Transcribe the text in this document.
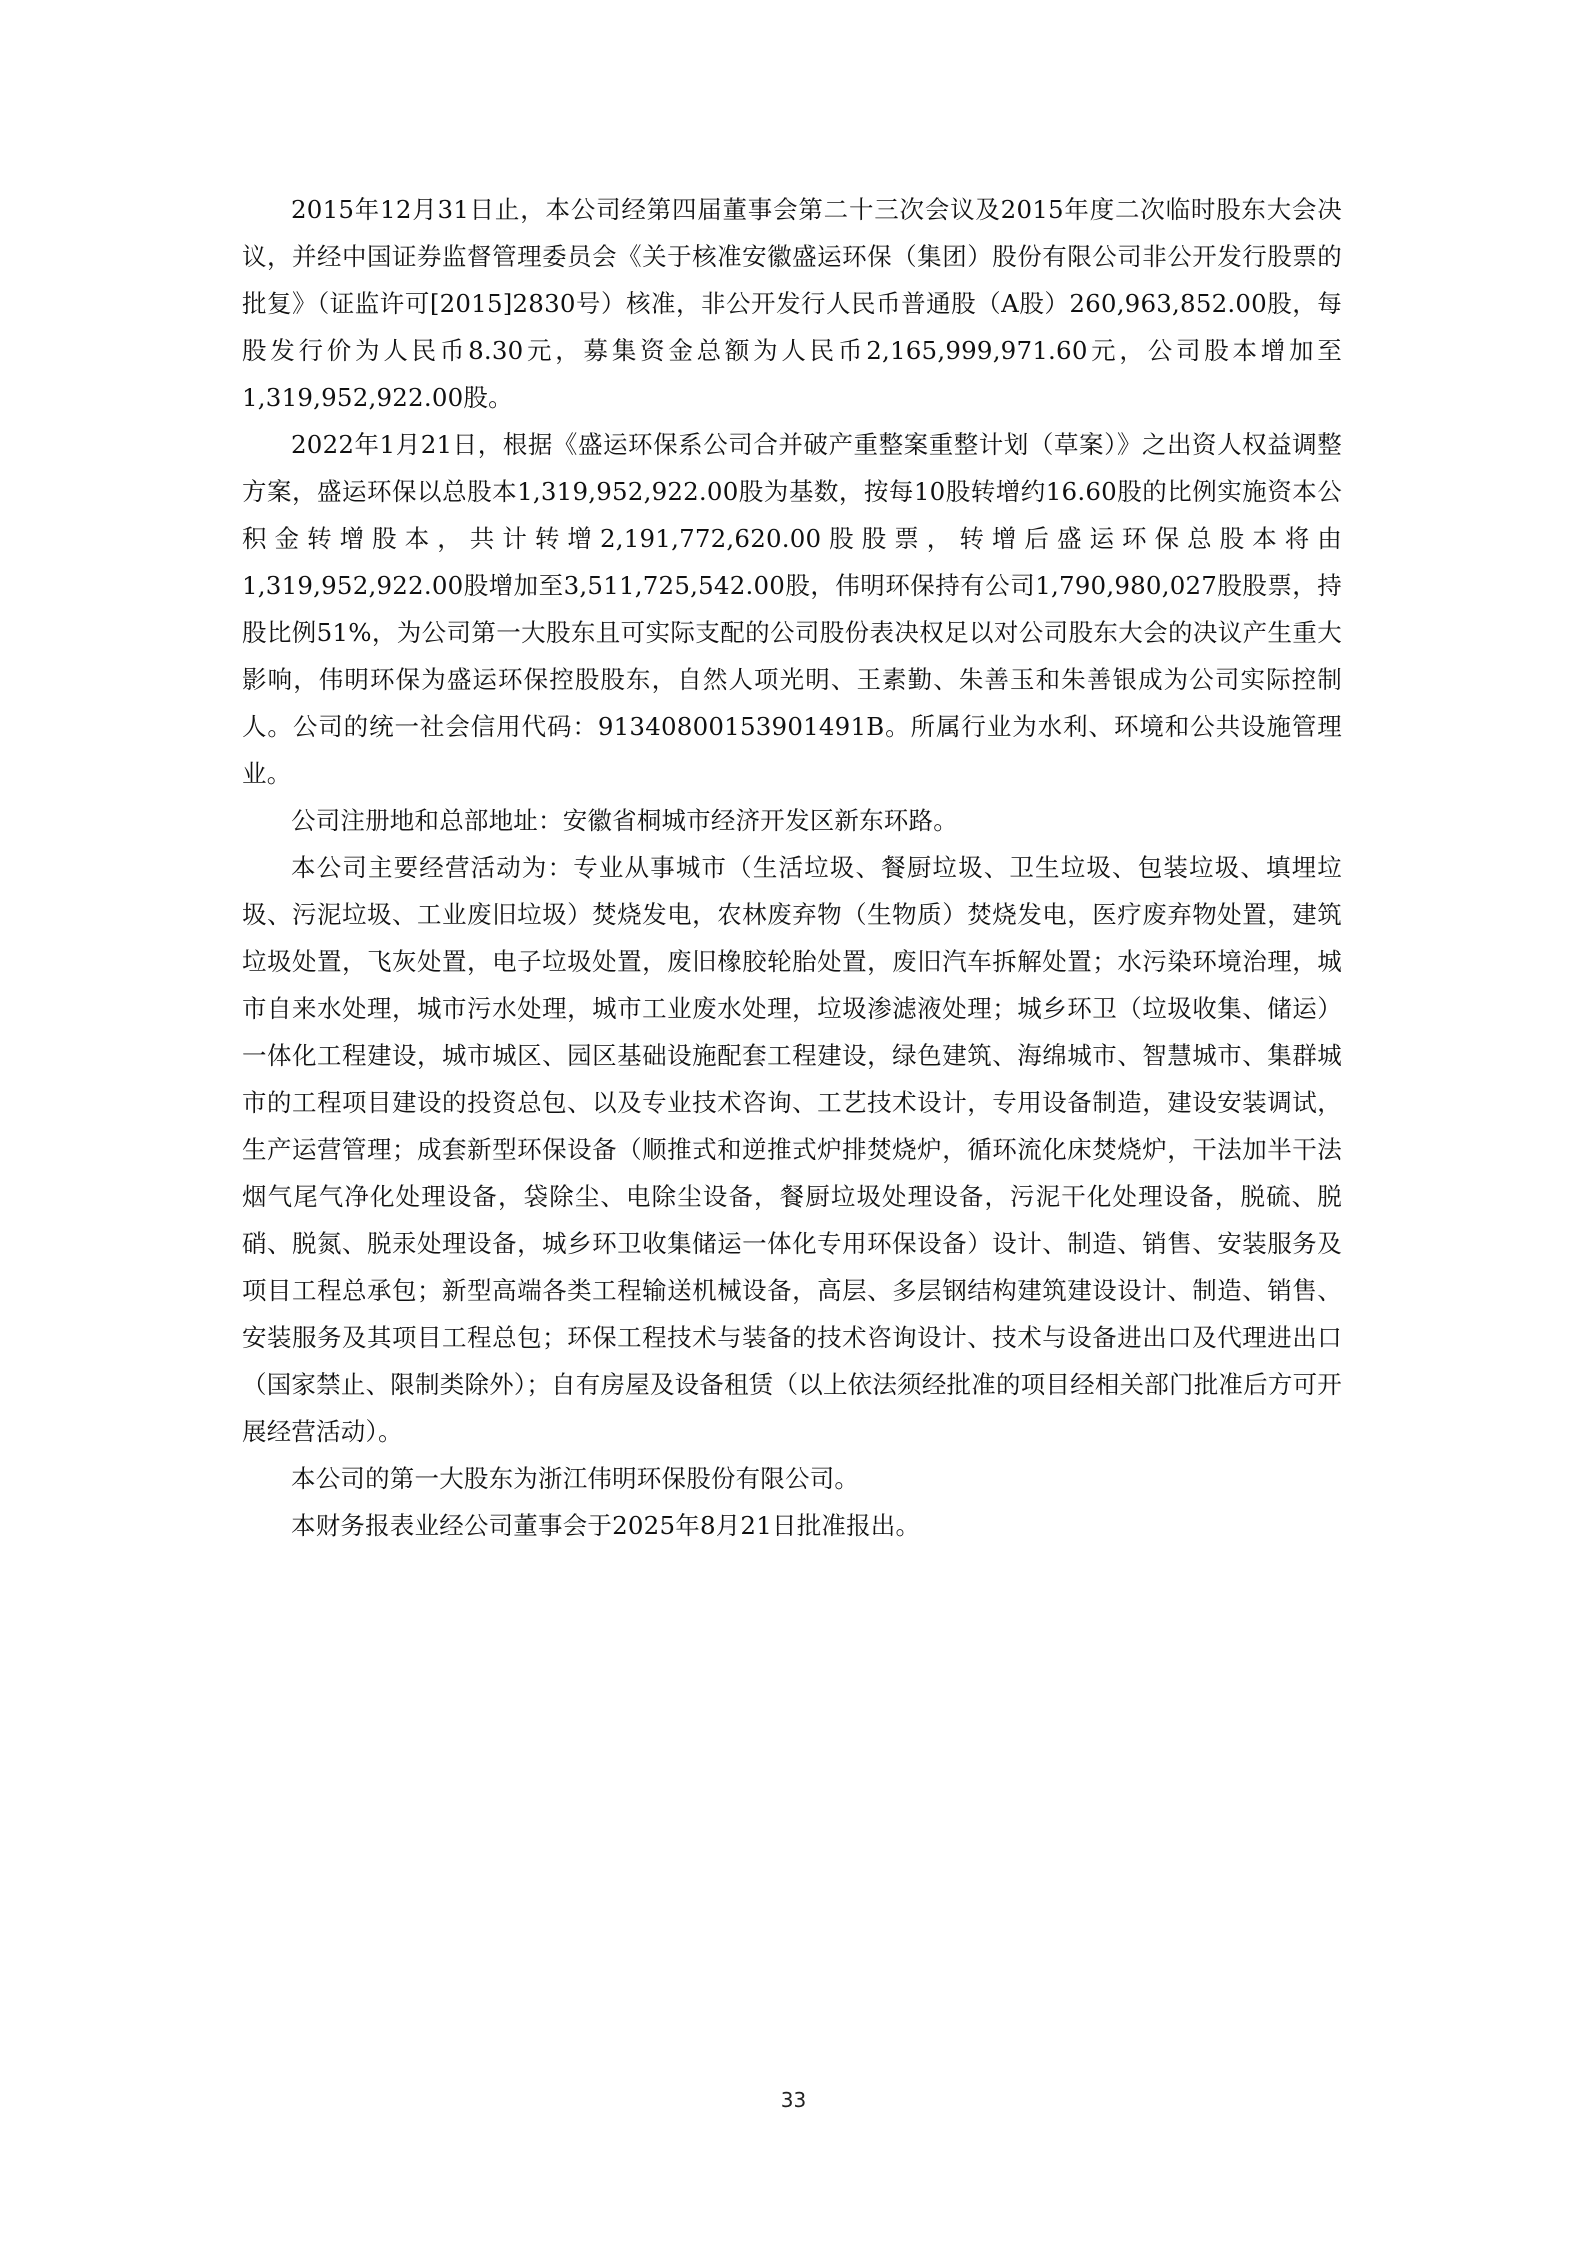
2015年12月31日止，本公司经第四届董事会第二十三次会议及2015年度二次临时股东大会决议，并经中国证券监督管理委员会《关于核准安徽盛运环保（集团）股份有限公司非公开发行股票的批复》（证监许可[2015]2830号）核准，非公开发行人民币普通股（A股）260,963,852.00股，每股发行价为人民币8.30元，募集资金总额为人民币2,165,999,971.60元，公司股本增加至1,319,952,922.00股。

2022年1月21日，根据《盛运环保系公司合并破产重整案重整计划（草案）》之出资人权益调整方案，盛运环保以总股本1,319,952,922.00股为基数，按每10股转增约16.60股的比例实施资本公积金转增股本，共计转增2,191,772,620.00股股票，转增后盛运环保总股本将由1,319,952,922.00股增加至3,511,725,542.00股，伟明环保持有公司1,790,980,027股股票，持股比例51%，为公司第一大股东且可实际支配的公司股份表决权足以对公司股东大会的决议产生重大影响，伟明环保为盛运环保控股股东，自然人项光明、王素勤、朱善玉和朱善银成为公司实际控制人。公司的统一社会信用代码：91340800153901491B。所属行业为水利、环境和公共设施管理业。

公司注册地和总部地址：安徽省桐城市经济开发区新东环路。

本公司主要经营活动为：专业从事城市（生活垃圾、餐厨垃圾、卫生垃圾、包装垃圾、填埋垃圾、污泥垃圾、工业废旧垃圾）焚烧发电，农林废弃物（生物质）焚烧发电，医疗废弃物处置，建筑垃圾处置，飞灰处置，电子垃圾处置，废旧橡胶轮胎处置，废旧汽车拆解处置；水污染环境治理，城市自来水处理，城市污水处理，城市工业废水处理，垃圾渗滤液处理；城乡环卫（垃圾收集、储运）一体化工程建设，城市城区、园区基础设施配套工程建设，绿色建筑、海绵城市、智慧城市、集群城市的工程项目建设的投资总包、以及专业技术咨询、工艺技术设计，专用设备制造，建设安装调试，生产运营管理；成套新型环保设备（顺推式和逆推式炉排焚烧炉，循环流化床焚烧炉，干法加半干法烟气尾气净化处理设备，袋除尘、电除尘设备，餐厨垃圾处理设备，污泥干化处理设备，脱硫、脱硝、脱氮、脱汞处理设备，城乡环卫收集储运一体化专用环保设备）设计、制造、销售、安装服务及项目工程总承包；新型高端各类工程输送机械设备，高层、多层钢结构建筑建设设计、制造、销售、安装服务及其项目工程总包；环保工程技术与装备的技术咨询设计、技术与设备进出口及代理进出口（国家禁止、限制类除外）；自有房屋及设备租赁（以上依法须经批准的项目经相关部门批准后方可开展经营活动）。

本公司的第一大股东为浙江伟明环保股份有限公司。

本财务报表业经公司董事会于2025年8月21日批准报出。

33
